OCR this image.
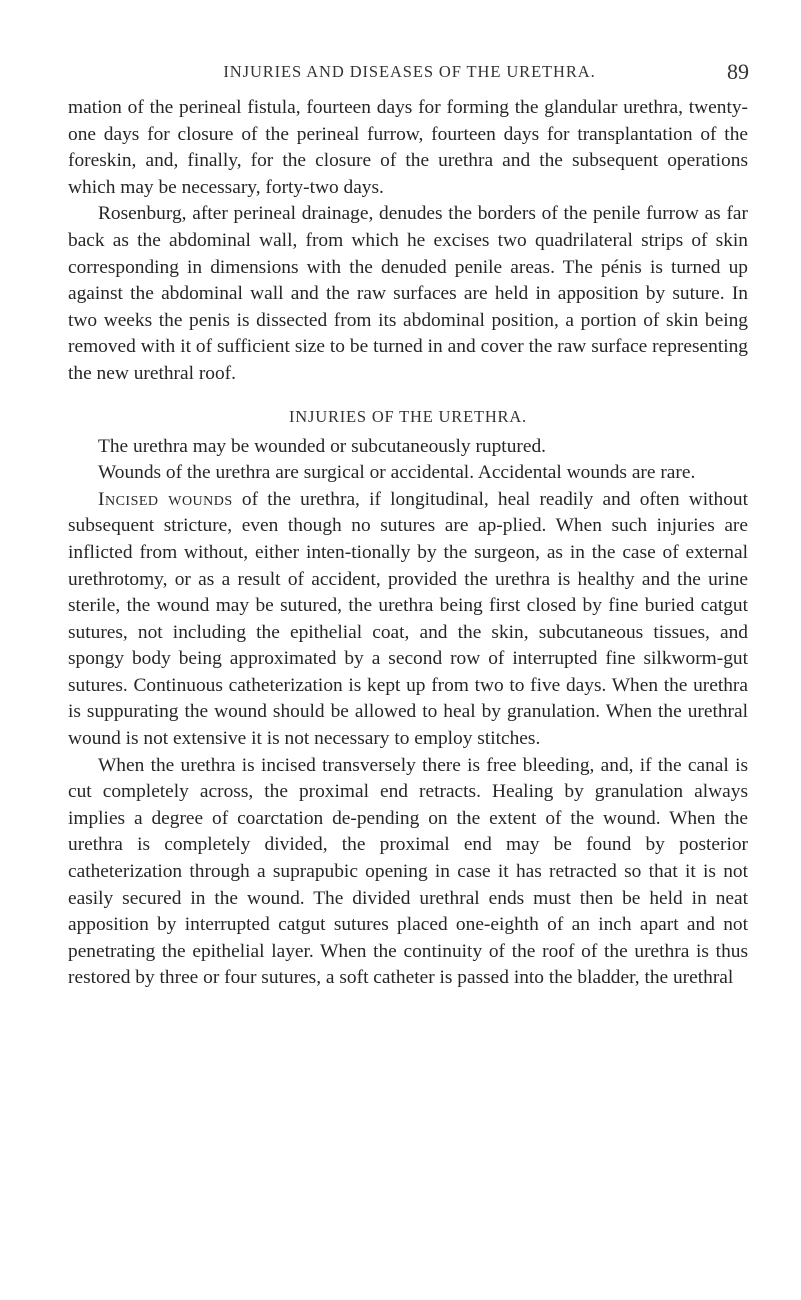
INJURIES AND DISEASES OF THE URETHRA.	89

mation of the perineal fistula, fourteen days for forming the glandular urethra, twenty-one days for closure of the perineal furrow, fourteen days for transplantation of the foreskin, and, finally, for the closure of the urethra and the subsequent operations which may be necessary, forty-two days.

Rosenburg, after perineal drainage, denudes the borders of the penile furrow as far back as the abdominal wall, from which he excises two quadrilateral strips of skin corresponding in dimensions with the denuded penile areas. The pénis is turned up against the abdominal wall and the raw surfaces are held in apposition by suture. In two weeks the penis is dissected from its abdominal position, a portion of skin being removed with it of sufficient size to be turned in and cover the raw surface representing the new urethral roof.

INJURIES OF THE URETHRA.

The urethra may be wounded or subcutaneously ruptured.

Wounds of the urethra are surgical or accidental. Accidental wounds are rare.

Incised wounds of the urethra, if longitudinal, heal readily and often without subsequent stricture, even though no sutures are ap-plied. When such injuries are inflicted from without, either inten-tionally by the surgeon, as in the case of external urethrotomy, or as a result of accident, provided the urethra is healthy and the urine sterile, the wound may be sutured, the urethra being first closed by fine buried catgut sutures, not including the epithelial coat, and the skin, subcutaneous tissues, and spongy body being approximated by a second row of interrupted fine silkworm-gut sutures. Continuous catheterization is kept up from two to five days. When the urethra is suppurating the wound should be allowed to heal by granulation. When the urethral wound is not extensive it is not necessary to employ stitches.

When the urethra is incised transversely there is free bleeding, and, if the canal is cut completely across, the proximal end retracts. Healing by granulation always implies a degree of coarctation de-pending on the extent of the wound. When the urethra is completely divided, the proximal end may be found by posterior catheterization through a suprapubic opening in case it has retracted so that it is not easily secured in the wound. The divided urethral ends must then be held in neat apposition by interrupted catgut sutures placed one-eighth of an inch apart and not penetrating the epithelial layer. When the continuity of the roof of the urethra is thus restored by three or four sutures, a soft catheter is passed into the bladder, the urethral
